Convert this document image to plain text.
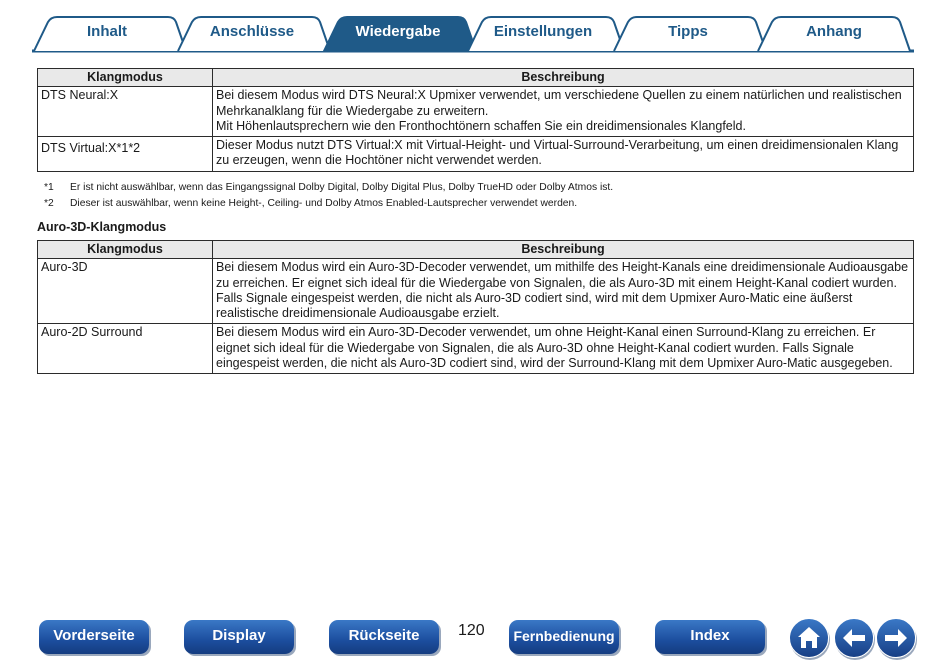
Inhalt	Anschlüsse	Wiedergabe	Einstellungen	Tipps	Anhang
Klangmodus	Beschreibung
DTS Neural:X	Bei diesem Modus wird DTS Neural:X Upmixer verwendet, um verschiedene Quellen zu einem natürlichen und realistischen Mehrkanalklang für die Wiedergabe zu erweitern.
Mit Höhenlautsprechern wie den Fronthochtönern schaffen Sie ein dreidimensionales Klangfeld.

DTS Virtual:X*1*2	Dieser Modus nutzt DTS Virtual:X mit Virtual-Height- und Virtual-Surround-Verarbeitung, um einen dreidimensionalen Klang zu erzeugen, wenn die Hochtöner nicht verwendet werden.
*1 Er ist nicht auswählbar, wenn das Eingangssignal Dolby Digital, Dolby Digital Plus, Dolby TrueHD oder Dolby Atmos ist.
*2 Dieser ist auswählbar, wenn keine Height-, Ceiling- und Dolby Atmos Enabled-Lautsprecher verwendet werden.
Auro-3D-Klangmodus
Klangmodus	Beschreibung
Auro-3D	Bei diesem Modus wird ein Auro-3D-Decoder verwendet, um mithilfe des Height-Kanals eine dreidimensionale Audioausgabe zu erreichen. Er eignet sich ideal für die Wiedergabe von Signalen, die als Auro-3D mit einem Height-Kanal codiert wurden. Falls Signale eingespeist werden, die nicht als Auro-3D codiert sind, wird mit dem Upmixer Auro-Matic eine äußerst realistische dreidimensionale Audioausgabe erzielt.
Auro-2D Surround	Bei diesem Modus wird ein Auro-3D-Decoder verwendet, um ohne Height-Kanal einen Surround-Klang zu erreichen. Er eignet sich ideal für die Wiedergabe von Signalen, die als Auro-3D ohne Height-Kanal codiert wurden. Falls Signale eingespeist werden, die nicht als Auro-3D codiert sind, wird der Surround-Klang mit dem Upmixer Auro-Matic ausgegeben.
Vorderseite	Display	Rückseite	120	Fernbedienung	Index
